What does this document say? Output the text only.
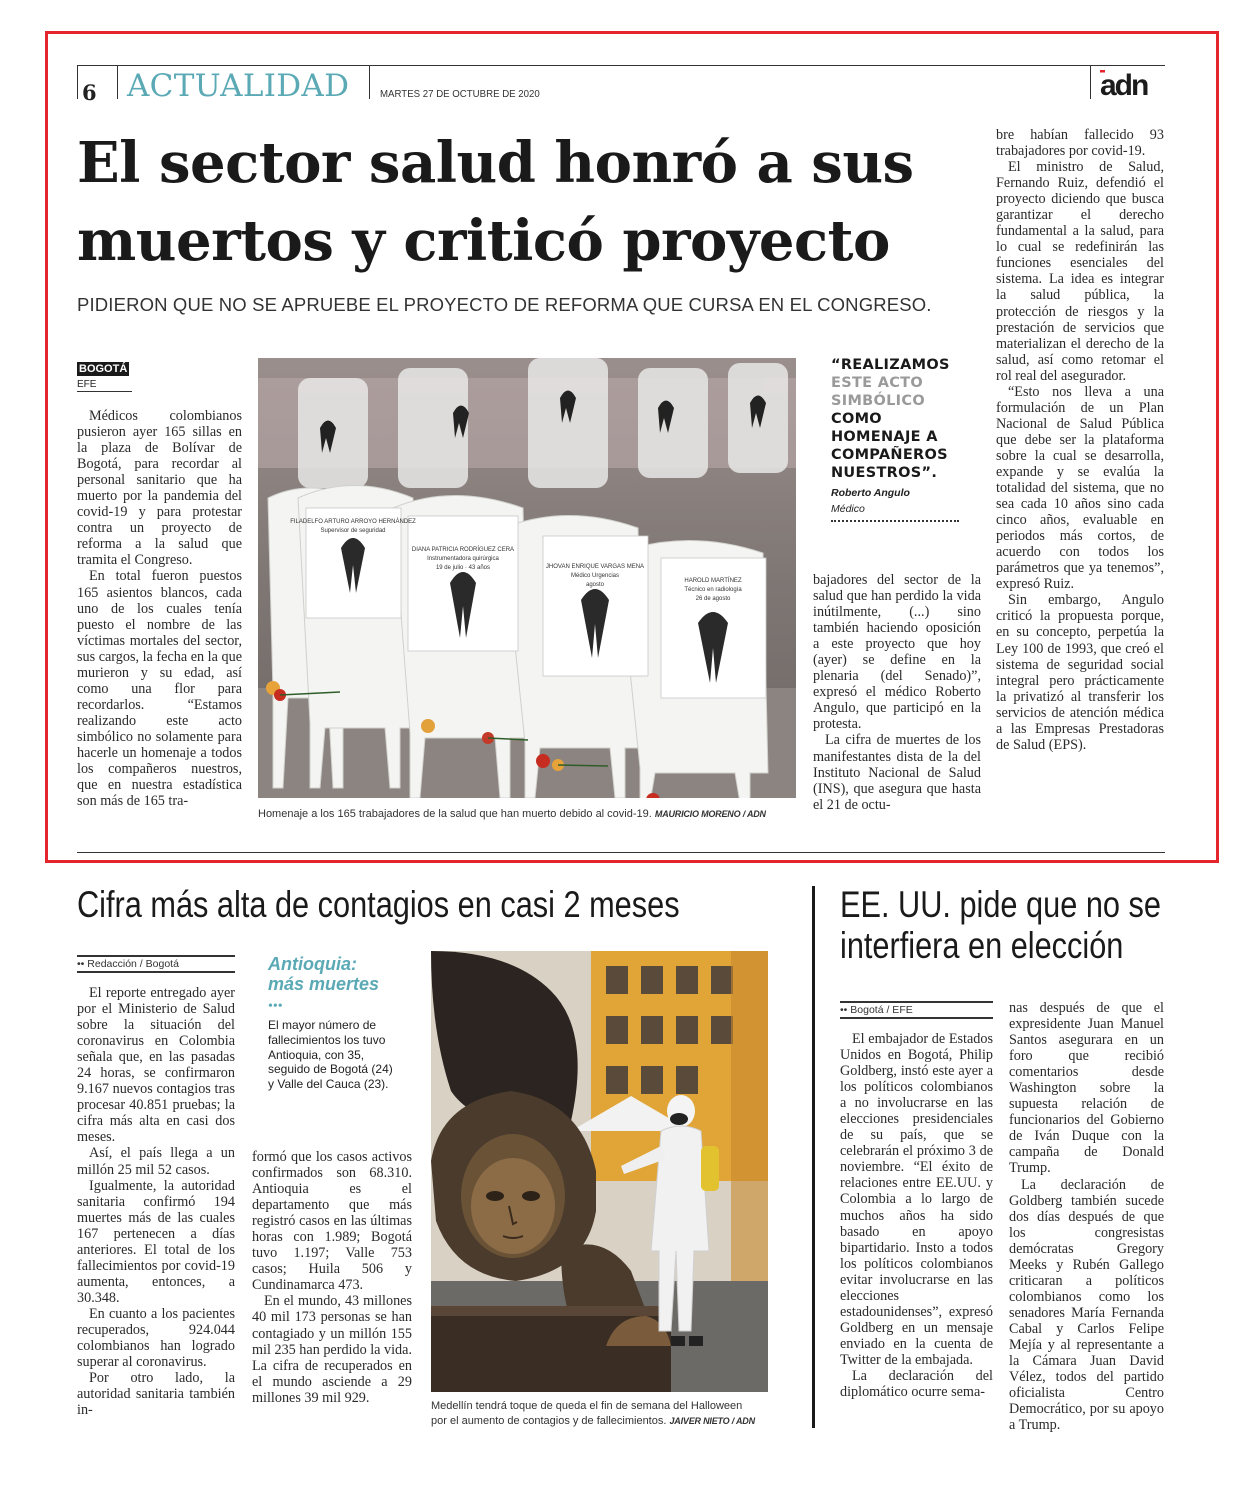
6 ACTUALIDAD	MARTES 27 DE OCTUBRE DE 2020	adn
El sector salud honró a sus muertos y criticó proyecto
PIDIERON QUE NO SE APRUEBE EL PROYECTO DE REFORMA QUE CURSA EN EL CONGRESO.
BOGOTÁ
EFE

Médicos colombianos pusieron ayer 165 sillas en la plaza de Bolívar de Bogotá, para recordar al personal sanitario que ha muerto por la pandemia del covid-19 y para protestar contra un proyecto de reforma a la salud que tramita el Congreso.

En total fueron puestos 165 asientos blancos, cada uno de los cuales tenía puesto el nombre de las víctimas mortales del sector, sus cargos, la fecha en la que murieron y su edad, así como una flor para recordarlos. “Estamos realizando este acto simbólico no solamente para hacerle un homenaje a todos los compañeros nuestros, que en nuestra estadística son más de 165 tra-

FILADELFO ARTURO ARROYO HERNÁNDEZ
Supervisor de seguridad
DIANA PATRICIA RODRÍGUEZ CERA
Instrumentadora quirúrgica
19 de julio · 43 años	JHOVAN ENRIQUE VARGAS MENA
Médico Urgencias
agosto
HAROLD MARTÍNEZ
Técnico en radiología
26 de agosto
Homenaje a los 165 trabajadores de la salud que han muerto debido al covid-19. MAURICIO MORENO / ADN
“REALIZAMOS
ESTE ACTO
SIMBÓLICO
COMO
HOMENAJE A
COMPAÑEROS
NUESTROS”.
Roberto Angulo
Médico

bajadores del sector de la salud que han perdido la vida inútilmente, (...) sino también haciendo oposición a este proyecto que hoy (ayer) se define en la plenaria (del Senado)”, expresó el médico Roberto Angulo, que participó en la protesta.

La cifra de muertes de los manifestantes dista de la del Instituto Nacional de Salud (INS), que asegura que hasta el 21 de octu-

bre habían fallecido 93 trabajadores por covid-19.

El ministro de Salud, Fernando Ruiz, defendió el proyecto diciendo que busca garantizar el derecho fundamental a la salud, para lo cual se redefinirán las funciones esenciales del sistema. La idea es integrar la salud pública, la protección de riesgos y la prestación de servicios que materializan el derecho de la salud, así como retomar el rol real del asegurador.

“Esto nos lleva a una formulación de un Plan Nacional de Salud Pública que debe ser la plataforma sobre la cual se desarrolla, expande y se evalúa la totalidad del sistema, que no sea cada 10 años sino cada cinco años, evaluable en periodos más cortos, de acuerdo con todos los parámetros que ya tenemos”, expresó Ruiz.

Sin embargo, Angulo criticó la propuesta porque, en su concepto, perpetúa la Ley 100 de 1993, que creó el sistema de seguridad social integral pero prácticamente la privatizó al transferir los servicios de atención médica a las Empresas Prestadoras de Salud (EPS).

Cifra más alta de contagios en casi 2 meses
•• Redacción / Bogotá

El reporte entregado ayer por el Ministerio de Salud sobre la situación del coronavirus en Colombia señala que, en las pasadas 24 horas, se confirmaron 9.167 nuevos contagios tras procesar 40.851 pruebas; la cifra más alta en casi dos meses.

Así, el país llega a un millón 25 mil 52 casos.

Igualmente, la autoridad sanitaria confirmó 194 muertes más de las cuales 167 pertenecen a días anteriores. El total de los fallecimientos por covid-19 aumenta, entonces, a 30.348.

En cuanto a los pacientes recuperados, 924.044 colombianos han logrado superar al coronavirus.

Por otro lado, la autoridad sanitaria también in-

Antioquia:
más muertes
•••
El mayor número de fallecimientos los tuvo Antioquia, con 35, seguido de Bogotá (24) y Valle del Cauca (23).

formó que los casos activos confirmados son 68.310. Antioquia es el departamento que más registró casos en las últimas horas con 1.989; Bogotá tuvo 1.197; Valle 753 casos; Huila 506 y Cundinamarca 473.

En el mundo, 43 millones 40 mil 173 personas se han contagiado y un millón 155 mil 235 han perdido la vida. La cifra de recuperados en el mundo asciende a 29 millones 39 mil 929.

Medellín tendrá toque de queda el fin de semana del Halloween
por el aumento de contagios y de fallecimientos. JAIVER NIETO / ADN
EE. UU. pide que no se interfiera en elección
•• Bogotá / EFE

El embajador de Estados Unidos en Bogotá, Philip Goldberg, instó este ayer a los políticos colombianos a no involucrarse en las elecciones presidenciales de su país, que se celebrarán el próximo 3 de noviembre. “El éxito de relaciones entre EE.UU. y Colombia a lo largo de muchos años ha sido basado en apoyo bipartidario. Insto a todos los políticos colombianos evitar involucrarse en las elecciones estadounidenses”, expresó Goldberg en un mensaje enviado en la cuenta de Twitter de la embajada.

La declaración del diplomático ocurre sema-

nas después de que el expresidente Juan Manuel Santos asegurara en un foro que recibió comentarios desde Washington sobre la supuesta relación de funcionarios del Gobierno de Iván Duque con la campaña de Donald Trump.

La declaración de Goldberg también sucede dos días después de que los congresistas demócratas Gregory Meeks y Rubén Gallego criticaran a políticos colombianos como los senadores María Fernanda Cabal y Carlos Felipe Mejía y al representante a la Cámara Juan David Vélez, todos del partido oficialista Centro Democrático, por su apoyo a Trump.
